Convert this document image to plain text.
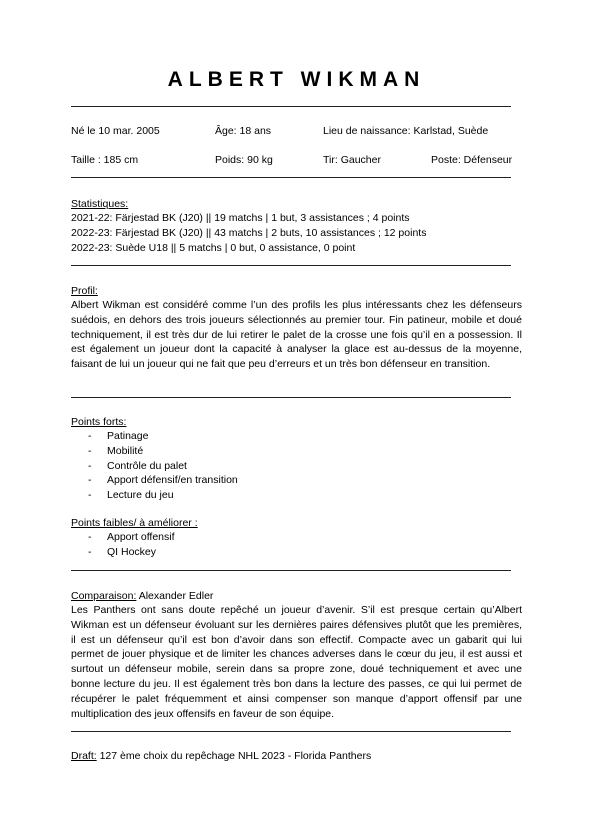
ALBERT WIKMAN
Né le 10 mar. 2005	Âge: 18 ans	Lieu de naissance: Karlstad, Suède
Taille : 185 cm	Poids: 90 kg	Tir: Gaucher	Poste: Défenseur
Statistiques:
2021-22: Färjestad BK (J20) || 19 matchs | 1 but, 3 assistances ; 4 points
2022-23: Färjestad BK (J20) || 43 matchs | 2 buts, 10 assistances ; 12 points
2022-23: Suède U18 || 5 matchs | 0 but, 0 assistance, 0 point
Profil:
Albert Wikman est considéré comme l’un des profils les plus intéressants chez les défenseurs suédois, en dehors des trois joueurs sélectionnés au premier tour. Fin patineur, mobile et doué techniquement, il est très dur de lui retirer le palet de la crosse une fois qu’il en a possession. Il est également un joueur dont la capacité à analyser la glace est au-dessus de la moyenne, faisant de lui un joueur qui ne fait que peu d’erreurs et un très bon défenseur en transition.
Points forts:
- Patinage
- Mobilité
- Contrôle du palet
- Apport défensif/en transition
- Lecture du jeu
Points faibles/ à améliorer :
- Apport offensif
- QI Hockey
Comparaison: Alexander Edler
Les Panthers ont sans doute repêché un joueur d’avenir. S’il est presque certain qu’Albert Wikman est un défenseur évoluant sur les dernières paires défensives plutôt que les premières, il est un défenseur qu’il est bon d’avoir dans son effectif. Compacte avec un gabarit qui lui permet de jouer physique et de limiter les chances adverses dans le cœur du jeu, il est aussi et surtout un défenseur mobile, serein dans sa propre zone, doué techniquement et avec une bonne lecture du jeu. Il est également très bon dans la lecture des passes, ce qui lui permet de récupérer le palet fréquemment et ainsi compenser son manque d’apport offensif par une multiplication des jeux offensifs en faveur de son équipe.
Draft: 127 ème choix du repêchage NHL 2023 - Florida Panthers
